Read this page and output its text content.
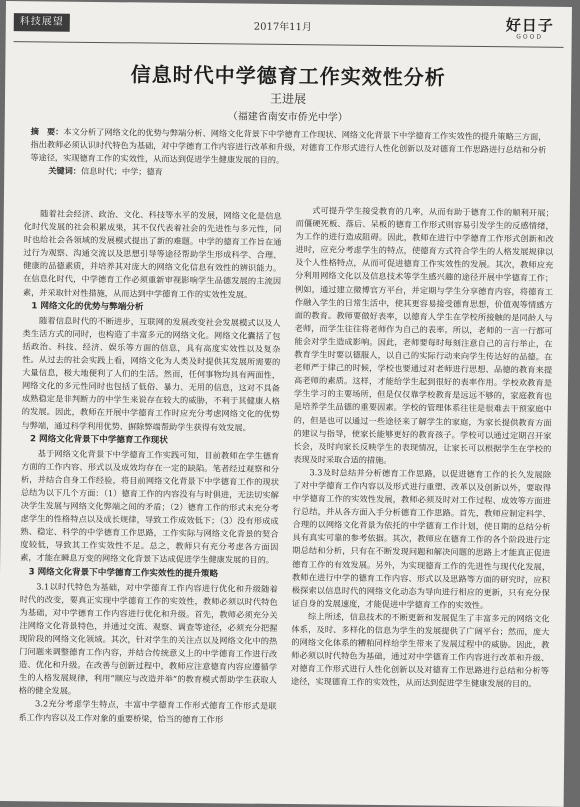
科技展望	2017年11月	好日子
GOOD
信息时代中学德育工作实效性分析
王进展
（福建省南安市侨光中学）
摘　要：本文分析了网络文化的优势与弊端分析、网络文化背景下中学德育工作现状、网络文化背景下中学德育工作实效性的提升策略三方面，指出教师必须认识时代特色为基础，对中学德育工作内容进行改革和升级，对德育工作形式进行人性化创新以及对德育工作思路进行总结和分析等途径，实现德育工作的实效性，从而达到促进学生健康发展的目的。
关键词：信息时代；中学；德育

随着社会经济、政治、文化、科技等水平的发展，网络文化是信息化时代发展的社会积累成果，其不仅代表着社会的先进性与多元性，同时也给社会各领域的发展模式提出了新的难题。中学的德育工作旨在通过行为观察、沟通交流以及思想引导等途径帮助学生形成科学、合理、健康的品德素质，并培养其对庞大的网络文化信息有效性的辨识能力。在信息化时代，中学德育工作必须重新审视影响学生品德发展的主流因素，并采取针对性措施，从而达到中学德育工作的实效性发展。

1 网络文化的优势与弊端分析

随着信息时代的不断进步，互联网的发展改变社会发展模式以及人类生活方式的同时，也构造了丰富多元的网络文化。网络文化囊括了包括政治、科技、经济、娱乐等方面的信息，具有高度实效性以及复杂性。从过去的社会实践上看，网络文化为人类及时提供其发展所需要的大量信息，极大地便利了人们的生活。然而，任何事物均具有两面性，网络文化的多元性同时也包括了低俗、暴力、无用的信息，这对不具备成熟稳定是非判断力的中学生来说存在较大的威胁，不利于其健康人格的发展。因此，教师在开展中学德育工作时应充分考虑网络文化的优势与弊端，通过科学利用优势、摒除弊端帮助学生获得有效发展。

2 网络文化背景下中学德育工作现状

基于网络文化背景下中学德育工作实践可知，目前教师在学生德育方面的工作内容、形式以及成效均存在一定的缺陷。笔者经过观察和分析，并结合自身工作经验，将目前网络文化背景下中学德育工作的现状总结为以下几个方面：（1）德育工作的内容没有与时俱进，无法切实解决学生发展与网络文化弊端之间的矛盾；（2）德育工作的形式未充分考虑学生的性格特点以及成长规律，导致工作成效低下；（3）没有形成成熟、稳定、科学的中学德育工作思路，工作实际与网络文化背景的契合度较低，导致其工作实效性不足。总之，教师只有充分考虑各方面因素，才能在瞬息万变的网络文化背景下达成促进学生健康发展的目的。

3 网络文化背景下中学德育工作实效性的提升策略

3.1以时代特色为基础，对中学德育工作内容进行优化和升级随着时代的改变，要真正实现中学德育工作的实效性，教师必须以时代特色为基础，对中学德育工作内容进行优化和升级。首先，教师必须充分关注网络文化背景特色，并通过交流、观察、调查等途径，必须充分把握现阶段的网络文化领域。其次，针对学生的关注点以及网络文化中的热门问题来调整德育工作内容，并结合传统意义上的中学德育工作进行改造、优化和升级。在改善与创新过程中，教师应注意德育内容应遵循学生的人格发展规律，利用“顺应与改造并举”的教育模式帮助学生获取人格的健全发展。

3.2充分考虑学生特点，丰富中学德育工作形式德育工作形式是联系工作内容以及工作对象的重要桥梁，恰当的德育工作形

式可提升学生接受教育的几率，从而有助于德育工作的顺利开展；而僵硬死板、落后、呆板的德育工作形式则容易引发学生的反感情绪，为工作的进行造成阻碍。因此，教师在进行中学德育工作形式创新和改进时，应充分考虑学生的特点，使德育方式符合学生的人格发展规律以及个人性格特点，从而可促进德育工作实效性的发展。其次，教师应充分利用网络文化以及信息技术等学生感兴趣的途径开展中学德育工作；例如，通过建立微博官方平台，并定期与学生分享德育内容，将德育工作融入学生的日常生活中，使其更容易接受德育思想，价值观等情感方面的教育。教师要做好表率，以德育人学生在学校所接触的是同龄人与老师，而学生往往将老师作为自己的表率。所以，老师的一言一行都可能会对学生造成影响。因此，老师要每时每刻注意自己的言行举止，在教育学生时要以德服人，以自己的实际行动来向学生传达好的品德。在老师严于律己的时候，学校也要通过对老师进行思想、品德的教育来提高老师的素质。这样，才能给学生起到很好的表率作用。学校欢教育是学生学习的主要场所，但是仅仅靠学校教育是远远不够的，家庭教育也是培养学生品德的重要因素。学校的管理体系往往是很难去干预家庭中的，但是也可以通过一些途径来了解学生的家庭，为家长提供教育方面的建议与指导，使家长能够更好的教育孩子。学校可以通过定期召开家长会，及时向家长反映学生的表现情况，让家长可以根据学生在学校的表现及时采取合适的措施。

3.3及时总结并分析德育工作思路，以促进德育工作的长久发展除了对中学德育工作内容以及形式进行重塑、改革以及创新以外，要取得中学德育工作的实效性发展，教师必须及时对工作过程、成效等方面进行总结，并从各方面入手分析德育工作思路。首先，教师应制定科学、合理的以网络文化背景为依托的中学德育工作计划，使日期的总结分析具有真实可靠的参考依据。其次，教师应在德育工作的各个阶段进行定期总结和分析，只有在不断发现问题和解决问题的思路上才能真正促进德育工作的有效发展。另外，为实现德育工作的先进性与现代化发展，教师在进行中学的德育工作内容、形式以及思路等方面的研究时，应积极探索以信息时代的网络文化动态为导向进行相应的更新，只有充分保证自身的发展速度，才能促进中学德育工作的实效性。

综上所述，信息技术的不断更新和发展促生了丰富多元的网络文化体系，及时、多样化的信息为学生的发展提供了广阔平台；然而，庞大的网络文化体系的糟粕同样给学生带来了发展过程中的威胁。因此，教师必须以时代特色为基础，通过对中学德育工作内容进行改革和升级、对德育工作形式进行人性化创新以及对德育工作思路进行总结和分析等途径，实现德育工作的实效性，从而达到促进学生健康发展的目的。
